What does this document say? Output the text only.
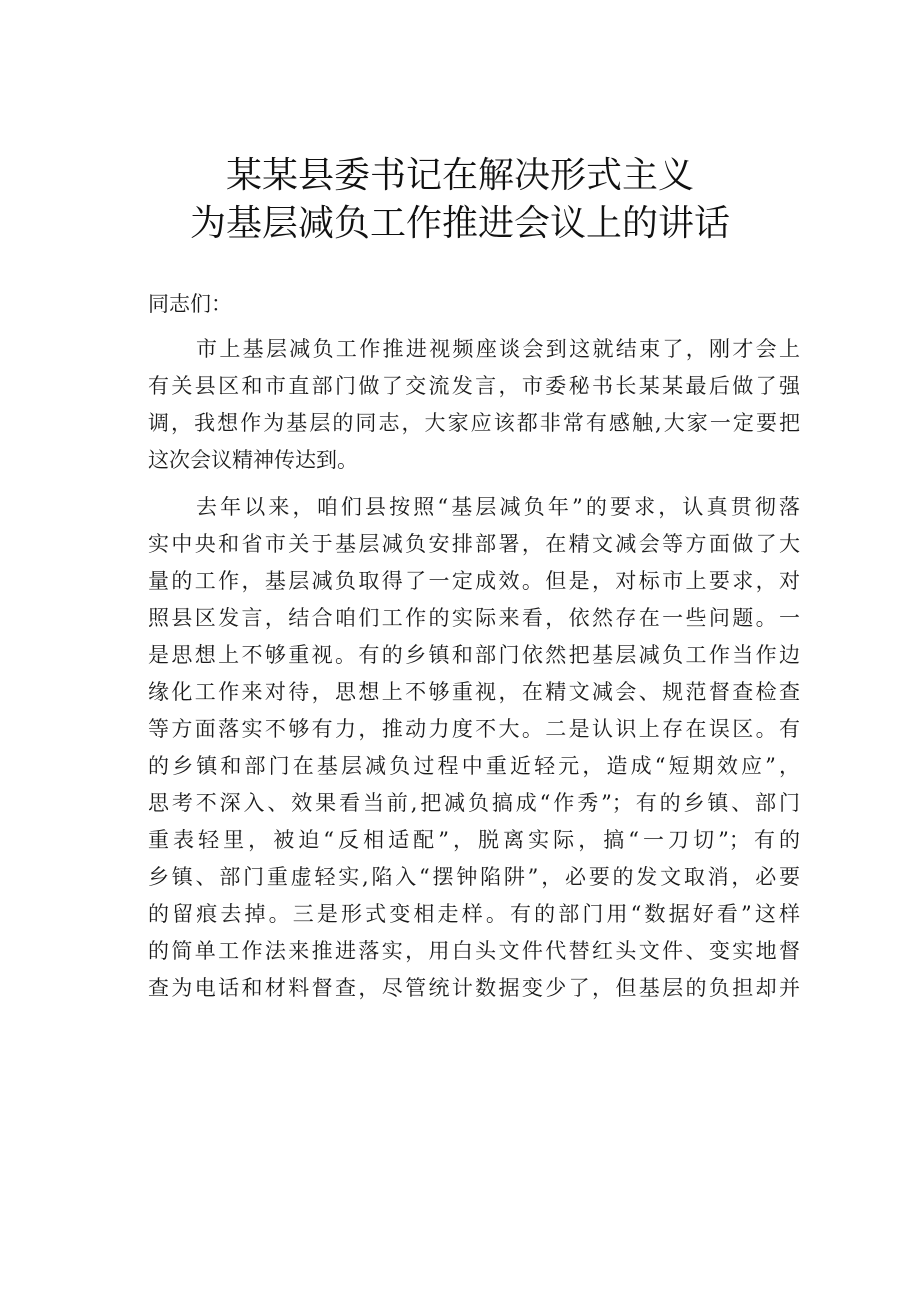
某某县委书记在解决形式主义
为基层减负工作推进会议上的讲话

同志们：

市上基层减负工作推进视频座谈会到这就结束了，刚才会上
有关县区和市直部门做了交流发言，市委秘书长某某最后做了强
调，我想作为基层的同志，大家应该都非常有感触,大家一定要把
这次会议精神传达到。
去年以来，咱们县按照“基层减负年”的要求，认真贯彻落
实中央和省市关于基层减负安排部署，在精文减会等方面做了大
量的工作，基层减负取得了一定成效。但是，对标市上要求，对
照县区发言，结合咱们工作的实际来看，依然存在一些问题。一
是思想上不够重视。有的乡镇和部门依然把基层减负工作当作边
缘化工作来对待，思想上不够重视，在精文减会、规范督查检查
等方面落实不够有力，推动力度不大。二是认识上存在误区。有
的乡镇和部门在基层减负过程中重近轻元，造成“短期效应”，
思考不深入、效果看当前,把减负搞成“作秀”；有的乡镇、部门
重表轻里，被迫“反相适配”，脱离实际，搞“一刀切”；有的
乡镇、部门重虚轻实,陷入“摆钟陷阱”，必要的发文取消，必要
的留痕去掉。三是形式变相走样。有的部门用“数据好看”这样
的简单工作法来推进落实，用白头文件代替红头文件、变实地督
查为电话和材料督查，尽管统计数据变少了，但基层的负担却并
